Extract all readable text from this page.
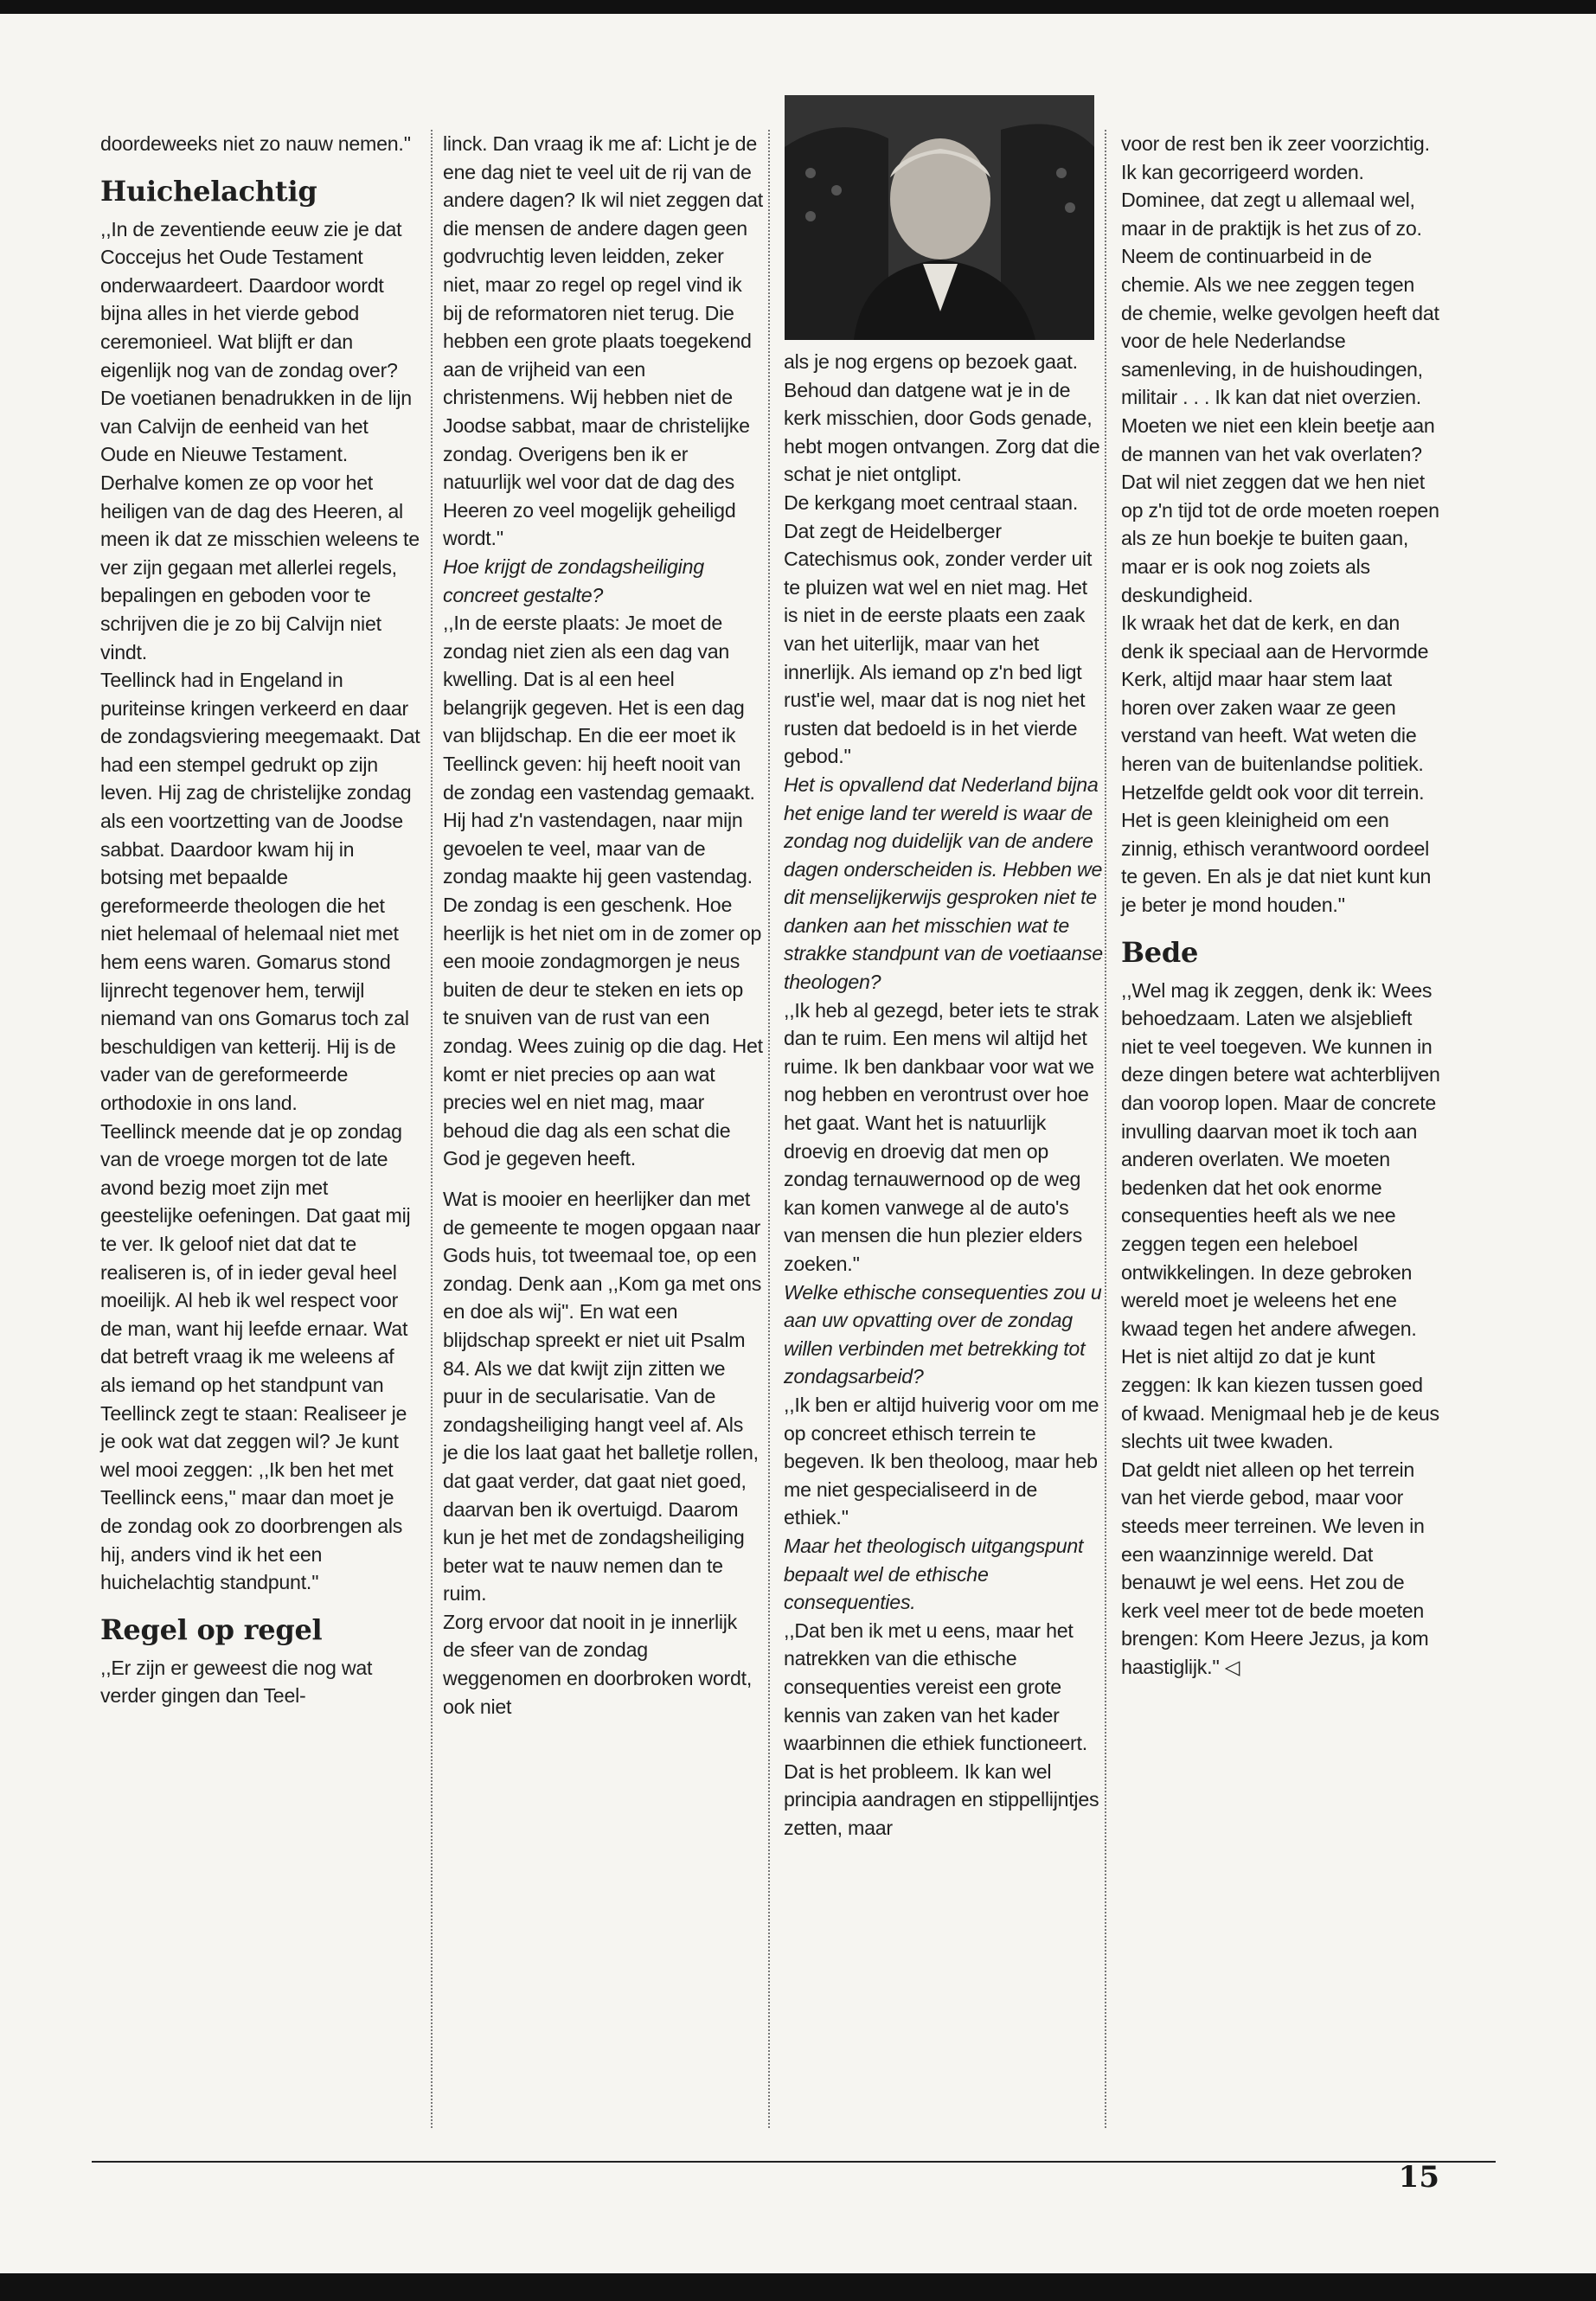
doordeweeks niet zo nauw nemen.''

Huichelachtig

,,In de zeventiende eeuw zie je dat Coccejus het Oude Testament onderwaardeert. Daardoor wordt bijna alles in het vierde gebod ceremonieel. Wat blijft er dan eigenlijk nog van de zondag over? De voetianen benadrukken in de lijn van Calvijn de eenheid van het Oude en Nieuwe Testament. Derhalve komen ze op voor het heiligen van de dag des Heeren, al meen ik dat ze misschien weleens te ver zijn gegaan met allerlei regels, bepalingen en geboden voor te schrijven die je zo bij Calvijn niet vindt.

Teellinck had in Engeland in puriteinse kringen verkeerd en daar de zondagsviering meegemaakt. Dat had een stempel gedrukt op zijn leven. Hij zag de christelijke zondag als een voortzetting van de Joodse sabbat. Daardoor kwam hij in botsing met bepaalde gereformeerde theologen die het niet helemaal of helemaal niet met hem eens waren. Gomarus stond lijnrecht tegenover hem, terwijl niemand van ons Gomarus toch zal beschuldigen van ketterij. Hij is de vader van de gereformeerde orthodoxie in ons land.

Teellinck meende dat je op zondag van de vroege morgen tot de late avond bezig moet zijn met geestelijke oefeningen. Dat gaat mij te ver. Ik geloof niet dat dat te realiseren is, of in ieder geval heel moeilijk. Al heb ik wel respect voor de man, want hij leefde ernaar. Wat dat betreft vraag ik me weleens af als iemand op het standpunt van Teellinck zegt te staan: Realiseer je je ook wat dat zeggen wil? Je kunt wel mooi zeggen: ,,Ik ben het met Teellinck eens,'' maar dan moet je de zondag ook zo doorbrengen als hij, anders vind ik het een huichelachtig standpunt.''

Regel op regel

,,Er zijn er geweest die nog wat verder gingen dan Teel-

linck. Dan vraag ik me af: Licht je de ene dag niet te veel uit de rij van de andere dagen? Ik wil niet zeggen dat die mensen de andere dagen geen godvruchtig leven leidden, zeker niet, maar zo regel op regel vind ik bij de reformatoren niet terug. Die hebben een grote plaats toegekend aan de vrijheid van een christenmens. Wij hebben niet de Joodse sabbat, maar de christelijke zondag. Overigens ben ik er natuurlijk wel voor dat de dag des Heeren zo veel mogelijk geheiligd wordt.''

Hoe krijgt de zondagsheiliging concreet gestalte?

,,In de eerste plaats: Je moet de zondag niet zien als een dag van kwelling. Dat is al een heel belangrijk gegeven. Het is een dag van blijdschap. En die eer moet ik Teellinck geven: hij heeft nooit van de zondag een vastendag gemaakt. Hij had z'n vastendagen, naar mijn gevoelen te veel, maar van de zondag maakte hij geen vastendag.

De zondag is een geschenk. Hoe heerlijk is het niet om in de zomer op een mooie zondagmorgen je neus buiten de deur te steken en iets op te snuiven van de rust van een zondag. Wees zuinig op die dag. Het komt er niet precies op aan wat precies wel en niet mag, maar behoud die dag als een schat die God je gegeven heeft.

Wat is mooier en heerlijker dan met de gemeente te mogen opgaan naar Gods huis, tot tweemaal toe, op een zondag. Denk aan ,,Kom ga met ons en doe als wij''. En wat een blijdschap spreekt er niet uit Psalm 84. Als we dat kwijt zijn zitten we puur in de secularisatie. Van de zondagsheiliging hangt veel af. Als je die los laat gaat het balletje rollen, dat gaat verder, dat gaat niet goed, daarvan ben ik overtuigd. Daarom kun je het met de zondagsheiliging beter wat te nauw nemen dan te ruim.

Zorg ervoor dat nooit in je innerlijk de sfeer van de zondag weggenomen en doorbroken wordt, ook niet

als je nog ergens op bezoek gaat. Behoud dan datgene wat je in de kerk misschien, door Gods genade, hebt mogen ontvangen. Zorg dat die schat je niet ontglipt.

De kerkgang moet centraal staan. Dat zegt de Heidelberger Catechismus ook, zonder verder uit te pluizen wat wel en niet mag. Het is niet in de eerste plaats een zaak van het uiterlijk, maar van het innerlijk. Als iemand op z'n bed ligt rust'ie wel, maar dat is nog niet het rusten dat bedoeld is in het vierde gebod.''

Het is opvallend dat Nederland bijna het enige land ter wereld is waar de zondag nog duidelijk van de andere dagen onderscheiden is. Hebben we dit menselijkerwijs gesproken niet te danken aan het misschien wat te strakke standpunt van de voetiaanse theologen?

,,Ik heb al gezegd, beter iets te strak dan te ruim. Een mens wil altijd het ruime. Ik ben dankbaar voor wat we nog hebben en verontrust over hoe het gaat. Want het is natuurlijk droevig en droevig dat men op zondag ternauwernood op de weg kan komen vanwege al de auto's van mensen die hun plezier elders zoeken.''

Welke ethische consequenties zou u aan uw opvatting over de zondag willen verbinden met betrekking tot zondagsarbeid?

,,Ik ben er altijd huiverig voor om me op concreet ethisch terrein te begeven. Ik ben theoloog, maar heb me niet gespecialiseerd in de ethiek.''

Maar het theologisch uitgangspunt bepaalt wel de ethische consequenties.

,,Dat ben ik met u eens, maar het natrekken van die ethische consequenties vereist een grote kennis van zaken van het kader waarbinnen die ethiek functioneert. Dat is het probleem. Ik kan wel principia aandragen en stippellijntjes zetten, maar

voor de rest ben ik zeer voorzichtig. Ik kan gecorrigeerd worden. Dominee, dat zegt u allemaal wel, maar in de praktijk is het zus of zo.

Neem de continuarbeid in de chemie. Als we nee zeggen tegen de chemie, welke gevolgen heeft dat voor de hele Nederlandse samenleving, in de huishoudingen, militair . . . Ik kan dat niet overzien. Moeten we niet een klein beetje aan de mannen van het vak overlaten? Dat wil niet zeggen dat we hen niet op z'n tijd tot de orde moeten roepen als ze hun boekje te buiten gaan, maar er is ook nog zoiets als deskundigheid.

Ik wraak het dat de kerk, en dan denk ik speciaal aan de Hervormde Kerk, altijd maar haar stem laat horen over zaken waar ze geen verstand van heeft. Wat weten die heren van de buitenlandse politiek. Hetzelfde geldt ook voor dit terrein. Het is geen kleinigheid om een zinnig, ethisch verantwoord oordeel te geven. En als je dat niet kunt kun je beter je mond houden.''

Bede

,,Wel mag ik zeggen, denk ik: Wees behoedzaam. Laten we alsjeblieft niet te veel toegeven. We kunnen in deze dingen betere wat achterblijven dan voorop lopen. Maar de concrete invulling daarvan moet ik toch aan anderen overlaten. We moeten bedenken dat het ook enorme consequenties heeft als we nee zeggen tegen een heleboel ontwikkelingen. In deze gebroken wereld moet je weleens het ene kwaad tegen het andere afwegen. Het is niet altijd zo dat je kunt zeggen: Ik kan kiezen tussen goed of kwaad. Menigmaal heb je de keus slechts uit twee kwaden.

Dat geldt niet alleen op het terrein van het vierde gebod, maar voor steeds meer terreinen. We leven in een waanzinnige wereld. Dat benauwt je wel eens. Het zou de kerk veel meer tot de bede moeten brengen: Kom Heere Jezus, ja kom haastiglijk.'' ◁

15
